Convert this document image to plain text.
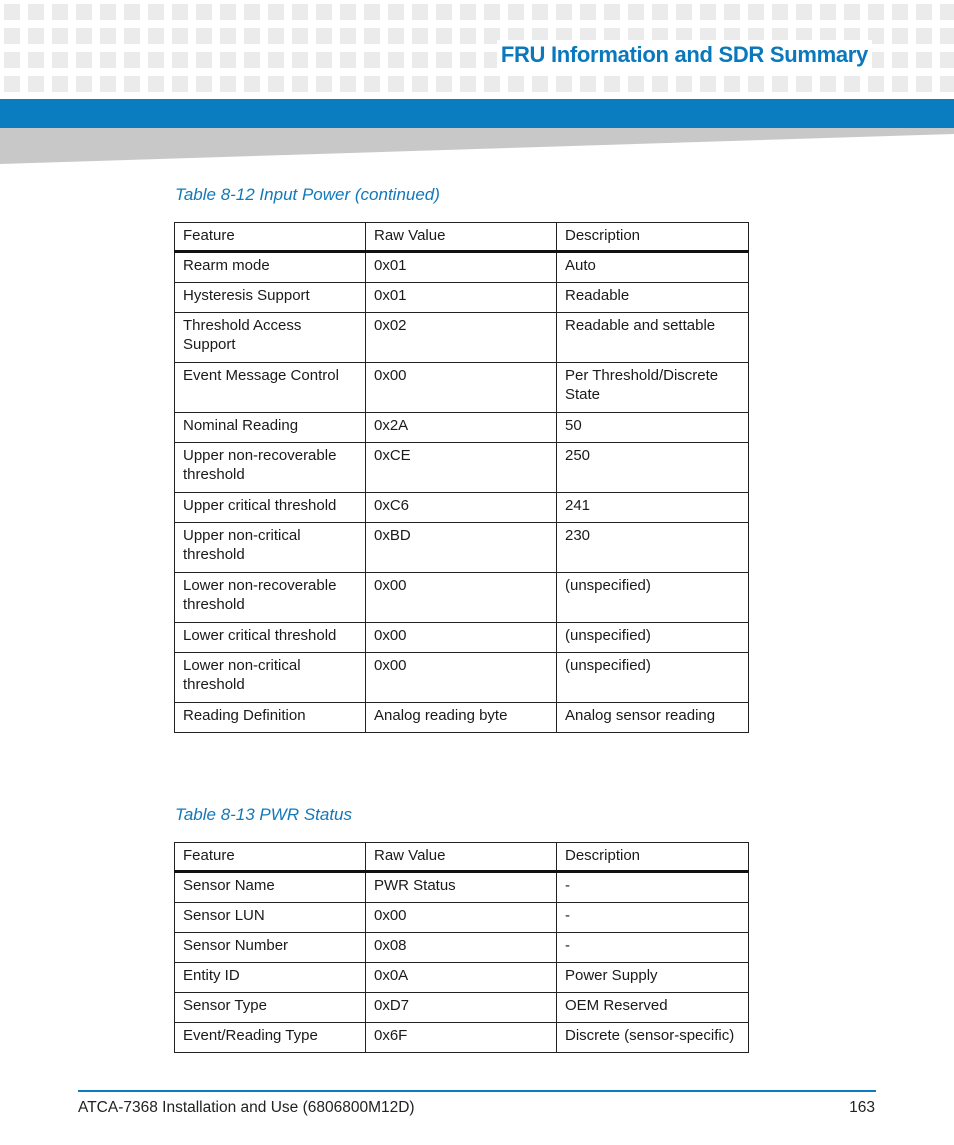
FRU Information and SDR Summary
Table 8-12 Input Power (continued)
Feature	Raw Value	Description
Rearm mode	0x01	Auto
Hysteresis Support	0x01	Readable
Threshold Access Support	0x02	Readable and settable
Event Message Control	0x00	Per Threshold/Discrete State
Nominal Reading	0x2A	50
Upper non-recoverable threshold	0xCE	250
Upper critical threshold	0xC6	241
Upper non-critical threshold	0xBD	230
Lower non-recoverable threshold	0x00	(unspecified)
Lower critical threshold	0x00	(unspecified)
Lower non-critical threshold	0x00	(unspecified)
Reading Definition	Analog reading byte	Analog sensor reading
Table 8-13 PWR Status
Feature	Raw Value	Description
Sensor Name	PWR Status	-
Sensor LUN	0x00	-
Sensor Number	0x08	-
Entity ID	0x0A	Power Supply
Sensor Type	0xD7	OEM Reserved
Event/Reading Type	0x6F	Discrete (sensor-specific)
ATCA-7368 Installation and Use (6806800M12D)	163
